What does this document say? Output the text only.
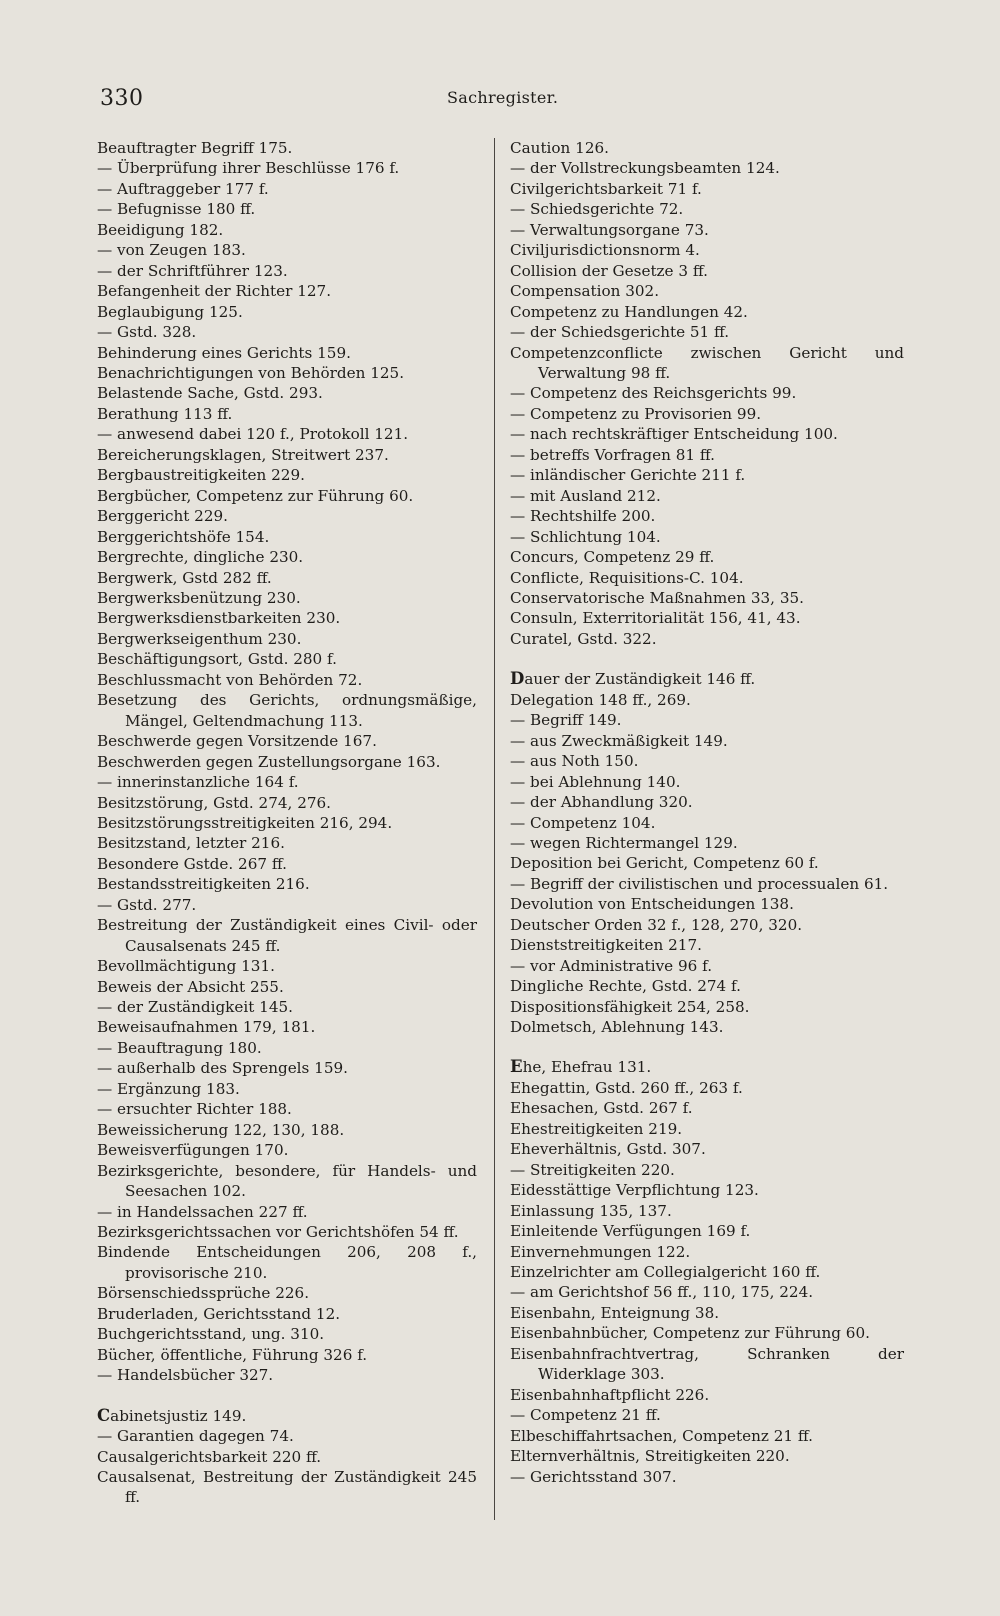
330	Sachregister.
Beauftragter Begriff 175.
— Überprüfung ihrer Beschlüsse 176 f.
— Auftraggeber 177 f.
— Befugnisse 180 ff.
Beeidigung 182.
— von Zeugen 183.
— der Schriftführer 123.
Befangenheit der Richter 127.
Beglaubigung 125.
— Gstd. 328.
Behinderung eines Gerichts 159.
Benachrichtigungen von Behörden 125.
Belastende Sache, Gstd. 293.
Berathung 113 ff.
— anwesend dabei 120 f., Protokoll 121.
Bereicherungsklagen, Streitwert 237.
Bergbaustreitigkeiten 229.
Bergbücher, Competenz zur Führung 60.
Berggericht 229.
Berggerichtshöfe 154.
Bergrechte, dingliche 230.
Bergwerk, Gstd 282 ff.
Bergwerksbenützung 230.
Bergwerksdienstbarkeiten 230.
Bergwerkseigenthum 230.
Beschäftigungsort, Gstd. 280 f.
Beschlussmacht von Behörden 72.
Besetzung des Gerichts, ordnungsmäßige, Mängel, Geltendmachung 113.
Beschwerde gegen Vorsitzende 167.
Beschwerden gegen Zustellungsorgane 163.
— innerinstanzliche 164 f.
Besitzstörung, Gstd. 274, 276.
Besitzstörungsstreitigkeiten 216, 294.
Besitzstand, letzter 216.
Besondere Gstde. 267 ff.
Bestandsstreitigkeiten 216.
— Gstd. 277.
Bestreitung der Zuständigkeit eines Civil- oder Causalsenats 245 ff.
Bevollmächtigung 131.
Beweis der Absicht 255.
— der Zuständigkeit 145.
Beweisaufnahmen 179, 181.
— Beauftragung 180.
— außerhalb des Sprengels 159.
— Ergänzung 183.
— ersuchter Richter 188.
Beweissicherung 122, 130, 188.
Beweisverfügungen 170.
Bezirksgerichte, besondere, für Handels- und Seesachen 102.
— in Handelssachen 227 ff.
Bezirksgerichtssachen vor Gerichtshöfen 54 ff.
Bindende Entscheidungen 206, 208 f., provisorische 210.
Börsenschiedssprüche 226.
Bruderladen, Gerichtsstand 12.
Buchgerichtsstand, ung. 310.
Bücher, öffentliche, Führung 326 f.
— Handelsbücher 327.
Cabinetsjustiz 149.
— Garantien dagegen 74.
Causalgerichtsbarkeit 220 ff.
Causalsenat, Bestreitung der Zuständigkeit 245 ff.
Caution 126.
— der Vollstreckungsbeamten 124.
Civilgerichtsbarkeit 71 f.
— Schiedsgerichte 72.
— Verwaltungsorgane 73.
Civiljurisdictionsnorm 4.
Collision der Gesetze 3 ff.
Compensation 302.
Competenz zu Handlungen 42.
— der Schiedsgerichte 51 ff.
Competenzconflicte zwischen Gericht und Verwaltung 98 ff.
— Competenz des Reichsgerichts 99.
— Competenz zu Provisorien 99.
— nach rechtskräftiger Entscheidung 100.
— betreffs Vorfragen 81 ff.
— inländischer Gerichte 211 f.
— mit Ausland 212.
— Rechtshilfe 200.
— Schlichtung 104.
Concurs, Competenz 29 ff.
Conflicte, Requisitions-C. 104.
Conservatorische Maßnahmen 33, 35.
Consuln, Exterritorialität 156, 41, 43.
Curatel, Gstd. 322.
Dauer der Zuständigkeit 146 ff.
Delegation 148 ff., 269.
— Begriff 149.
— aus Zweckmäßigkeit 149.
— aus Noth 150.
— bei Ablehnung 140.
— der Abhandlung 320.
— Competenz 104.
— wegen Richtermangel 129.
Deposition bei Gericht, Competenz 60 f.
— Begriff der civilistischen und processualen 61.
Devolution von Entscheidungen 138.
Deutscher Orden 32 f., 128, 270, 320.
Dienststreitigkeiten 217.
— vor Administrative 96 f.
Dingliche Rechte, Gstd. 274 f.
Dispositionsfähigkeit 254, 258.
Dolmetsch, Ablehnung 143.
Ehe, Ehefrau 131.
Ehegattin, Gstd. 260 ff., 263 f.
Ehesachen, Gstd. 267 f.
Ehestreitigkeiten 219.
Eheverhältnis, Gstd. 307.
— Streitigkeiten 220.
Eidesstättige Verpflichtung 123.
Einlassung 135, 137.
Einleitende Verfügungen 169 f.
Einvernehmungen 122.
Einzelrichter am Collegialgericht 160 ff.
— am Gerichtshof 56 ff., 110, 175, 224.
Eisenbahn, Enteignung 38.
Eisenbahnbücher, Competenz zur Führung 60.
Eisenbahnfrachtvertrag, Schranken der Widerklage 303.
Eisenbahnhaftpflicht 226.
— Competenz 21 ff.
Elbeschiffahrtsachen, Competenz 21 ff.
Elternverhältnis, Streitigkeiten 220.
— Gerichtsstand 307.
